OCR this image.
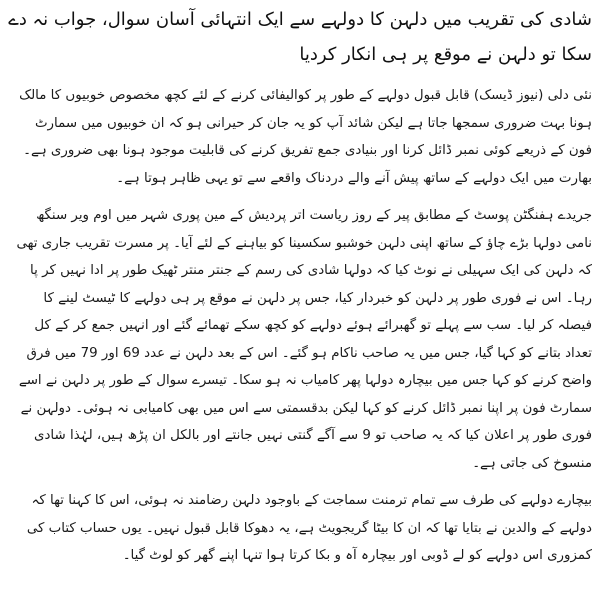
شادی کی تقریب میں دلہن کا دولہے سے ایک انتہائی آسان سوال، جواب نہ دے سکا تو دلہن نے موقع پر ہی انکار کردیا

نئی دلی (نیوز ڈیسک) قابل قبول دولہے کے طور پر کوالیفائی کرنے کے لئے کچھ مخصوص خوبیوں کا مالک ہونا بہت ضروری سمجھا جاتا ہے لیکن شائد آپ کو یہ جان کر حیرانی ہو کہ ان خوبیوں میں سمارٹ فون کے ذریعے کوئی نمبر ڈائل کرنا اور بنیادی جمع تفریق کرنے کی قابلیت موجود ہونا بھی ضروری ہے۔ بھارت میں ایک دولہے کے ساتھ پیش آنے والے دردناک واقعے سے تو یہی ظاہر ہوتا ہے۔

جریدے ہفنگٹن پوسٹ کے مطابق پیر کے روز ریاست اتر پردیش کے مین پوری شہر میں اوم ویر سنگھ نامی دولہا بڑے چاؤ کے ساتھ اپنی دلہن خوشبو سکسینا کو بیاہنے کے لئے آیا۔ پر مسرت تقریب جاری تھی کہ دلہن کی ایک سہیلی نے نوٹ کیا کہ دولہا شادی کی رسم کے جنتر منتر ٹھیک طور پر ادا نہیں کر پا رہا۔ اس نے فوری طور پر دلہن کو خبردار کیا، جس پر دلہن نے موقع پر ہی دولہے کا ٹیسٹ لینے کا فیصلہ کر لیا۔ سب سے پہلے تو گھبرائے ہوئے دولہے کو کچھ سکے تھمائے گئے اور انہیں جمع کر کے کل تعداد بتانے کو کہا گیا، جس میں یہ صاحب ناکام ہو گئے۔ اس کے بعد دلہن نے عدد 69 اور 79 میں فرق واضح کرنے کو کہا جس میں بیچارہ دولہا پھر کامیاب نہ ہو سکا۔ تیسرے سوال کے طور پر دلہن نے اسے سمارٹ فون پر اپنا نمبر ڈائل کرنے کو کہا لیکن بدقسمتی سے اس میں بھی کامیابی نہ ہوئی۔ دولہن نے فوری طور پر اعلان کیا کہ یہ صاحب تو 9 سے آگے گنتی نہیں جانتے اور بالکل ان پڑھ ہیں، لہٰذا شادی منسوخ کی جاتی ہے۔

بیچارے دولہے کی طرف سے تمام ترمنت سماجت کے باوجود دلہن رضامند نہ ہوئی، اس کا کہنا تھا کہ دولہے کے والدین نے بتایا تھا کہ ان کا بیٹا گریجویٹ ہے، یہ دھوکا قابل قبول نہیں۔ یوں حساب کتاب کی کمزوری اس دولہے کو لے ڈوبی اور بیچارہ آہ و بکا کرتا ہوا تنہا اپنے گھر کو لوٹ گیا۔
